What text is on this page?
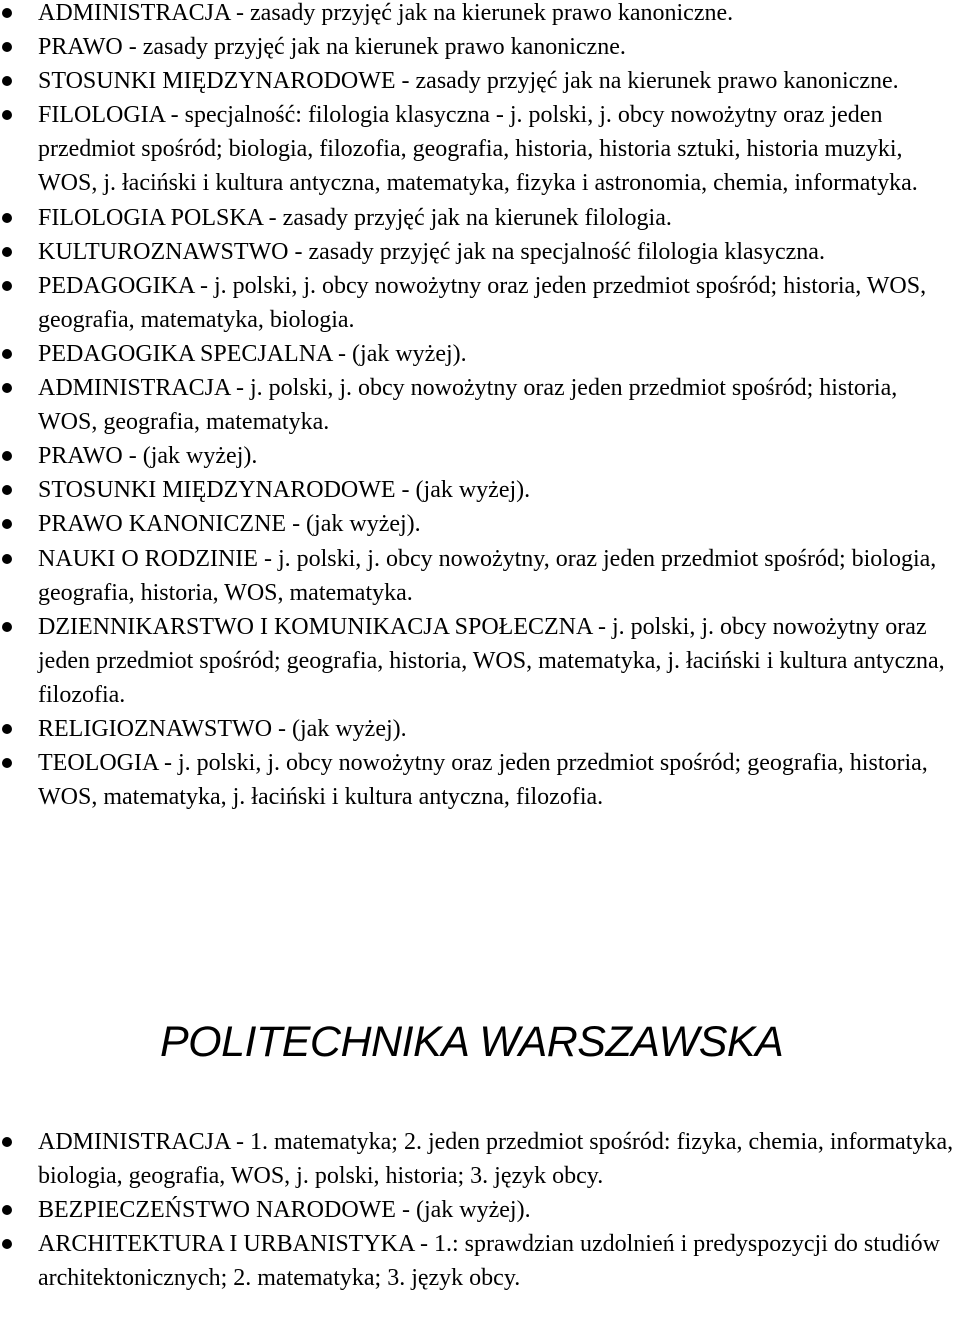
ADMINISTRACJA - zasady przyjęć jak na kierunek prawo kanoniczne.
PRAWO - zasady przyjęć jak na kierunek prawo kanoniczne.
STOSUNKI MIĘDZYNARODOWE - zasady przyjęć jak na kierunek prawo kanoniczne.
FILOLOGIA - specjalność: filologia klasyczna - j. polski, j. obcy nowożytny oraz jeden przedmiot spośród; biologia, filozofia, geografia, historia, historia sztuki, historia muzyki, WOS, j. łaciński i kultura antyczna, matematyka, fizyka i astronomia, chemia, informatyka.
FILOLOGIA POLSKA - zasady przyjęć jak na kierunek filologia.
KULTUROZNAWSTWO - zasady przyjęć jak na specjalność filologia klasyczna.
PEDAGOGIKA - j. polski, j. obcy nowożytny oraz jeden przedmiot spośród; historia, WOS, geografia, matematyka, biologia.
PEDAGOGIKA SPECJALNA - (jak wyżej).
ADMINISTRACJA - j. polski, j. obcy nowożytny oraz jeden przedmiot spośród; historia, WOS, geografia, matematyka.
PRAWO - (jak wyżej).
STOSUNKI MIĘDZYNARODOWE - (jak wyżej).
PRAWO KANONICZNE - (jak wyżej).
NAUKI O RODZINIE - j. polski, j. obcy nowożytny, oraz jeden przedmiot spośród; biologia, geografia, historia, WOS, matematyka.
DZIENNIKARSTWO I KOMUNIKACJA SPOŁECZNA - j. polski, j. obcy nowożytny oraz jeden przedmiot spośród; geografia, historia, WOS, matematyka, j. łaciński i kultura antyczna, filozofia.
RELIGIOZNAWSTWO - (jak wyżej).
TEOLOGIA - j. polski, j. obcy nowożytny oraz jeden przedmiot spośród; geografia, historia, WOS, matematyka, j. łaciński i kultura antyczna, filozofia.
POLITECHNIKA WARSZAWSKA
ADMINISTRACJA - 1. matematyka; 2. jeden przedmiot spośród: fizyka, chemia, informatyka, biologia, geografia, WOS, j. polski, historia; 3. język obcy.
BEZPIECZEŃSTWO NARODOWE - (jak wyżej).
ARCHITEKTURA I URBANISTYKA - 1.: sprawdzian uzdolnień i predyspozycji do studiów architektonicznych; 2. matematyka; 3. język obcy.
